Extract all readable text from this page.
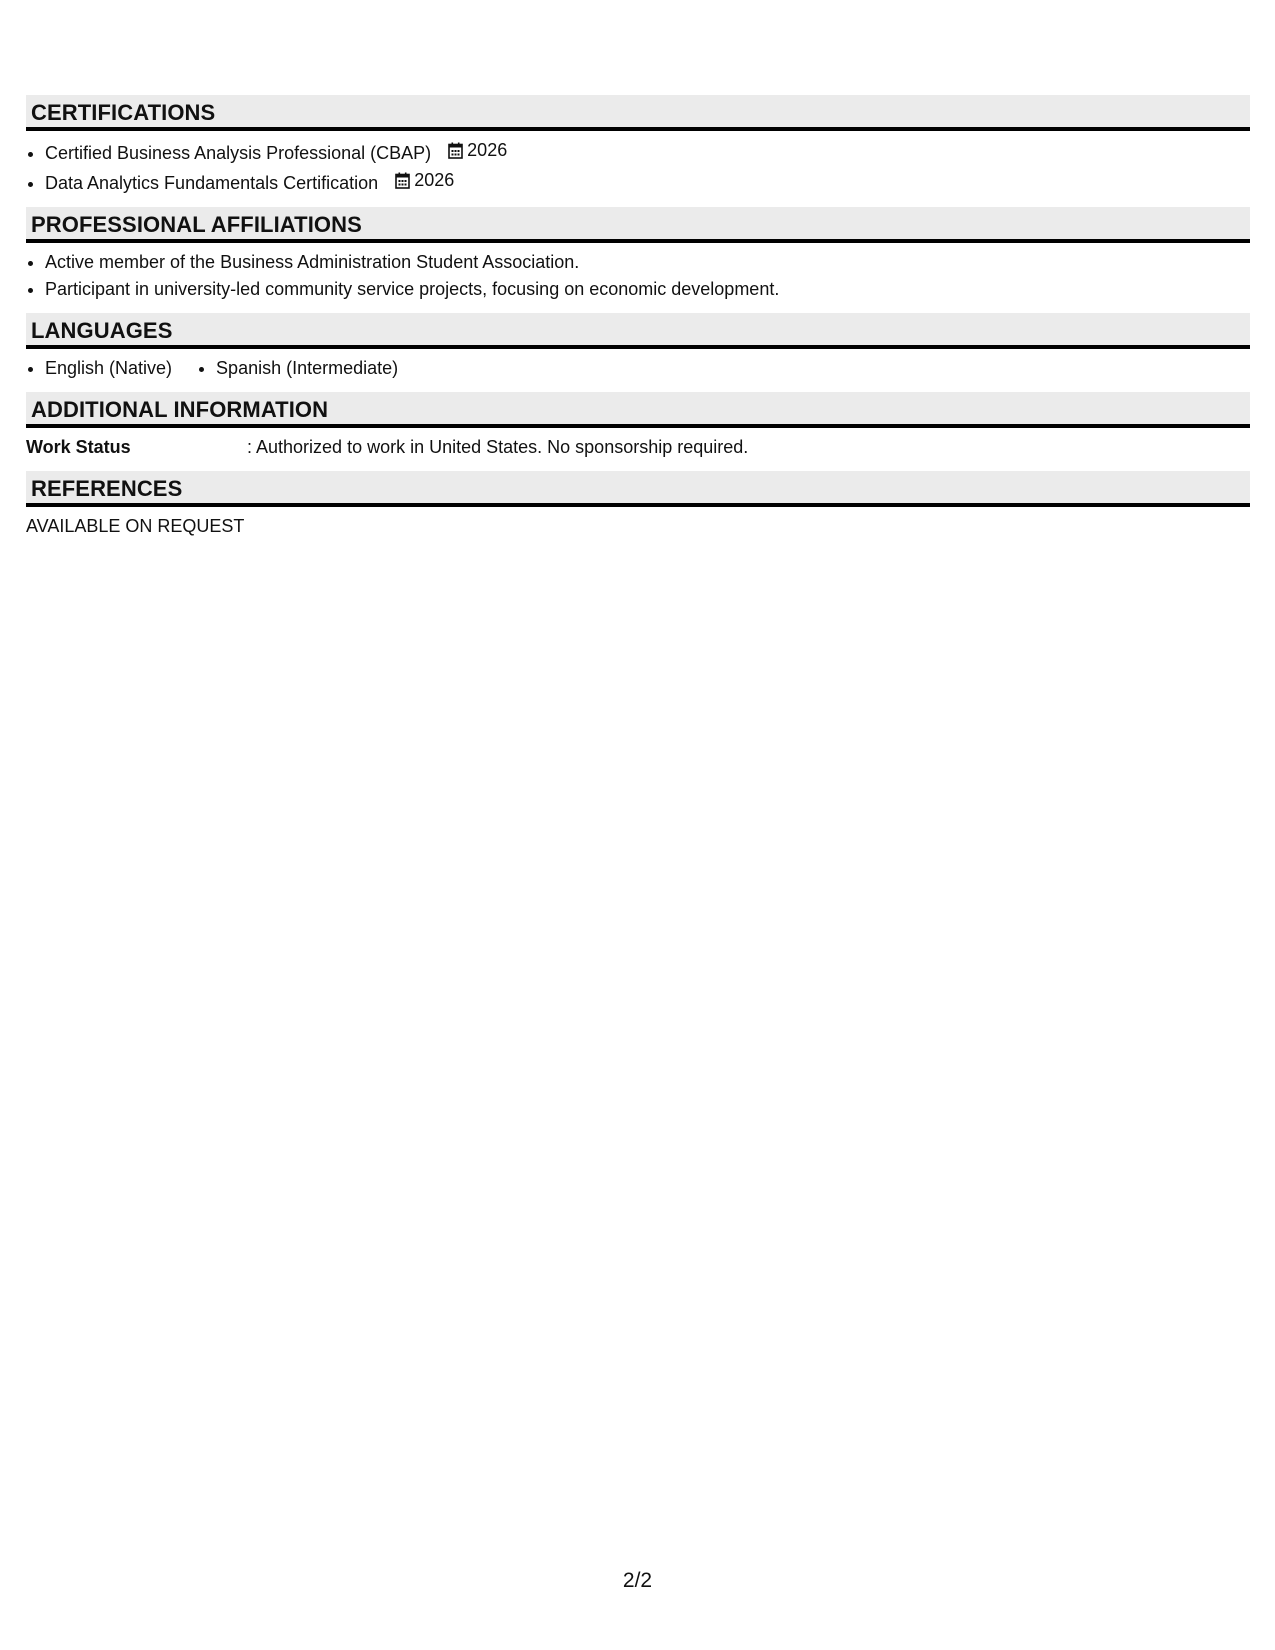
CERTIFICATIONS
• Certified Business Analysis Professional (CBAP) 2026
• Data Analytics Fundamentals Certification 2026
PROFESSIONAL AFFILIATIONS
• Active member of the Business Administration Student Association.
• Participant in university-led community service projects, focusing on economic development.
LANGUAGES
• English (Native)
• Spanish (Intermediate)
ADDITIONAL INFORMATION
Work Status	: Authorized to work in United States. No sponsorship required.
REFERENCES
AVAILABLE ON REQUEST
2/2
